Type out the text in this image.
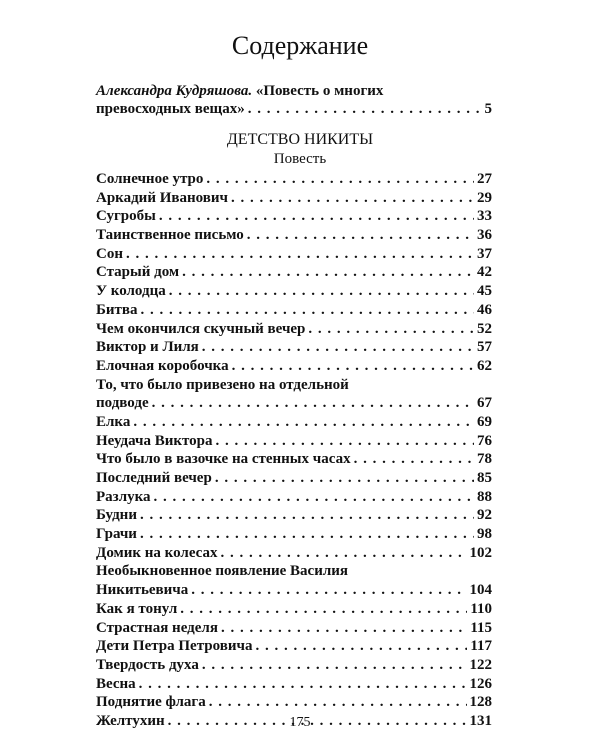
Содержание
Александра Кудряшова. «Повесть о многих
превосходных вещах» . . .	5
ДЕТСТВО НИКИТЫ
Повесть
Солнечное утро . . .	27
Аркадий Иванович . . .	29
Сугробы . . .	33
Таинственное письмо . . .	36
Сон . . .	37
Старый дом . . .	42
У колодца . . .	45
Битва . . .	46
Чем окончился скучный вечер . . .	52
Виктор и Лиля . . .	57
Елочная коробочка . . .	62
То, что было привезено на отдельной
подводе . . .	67
Елка . . .	69
Неудача Виктора . . .	76
Что было в вазочке на стенных часах . . .	78
Последний вечер . . .	85
Разлука . . .	88
Будни . . .	92
Грачи . . .	98
Домик на колесах . . .	102
Необыкновенное появление Василия
Никитьевича . . .	104
Как я тонул . . .	110
Страстная неделя . . .	115
Дети Петра Петровича . . .	117
Твердость духа . . .	122
Весна . . .	126
Поднятие флага . . .	128
Желтухин . . .	131
175
